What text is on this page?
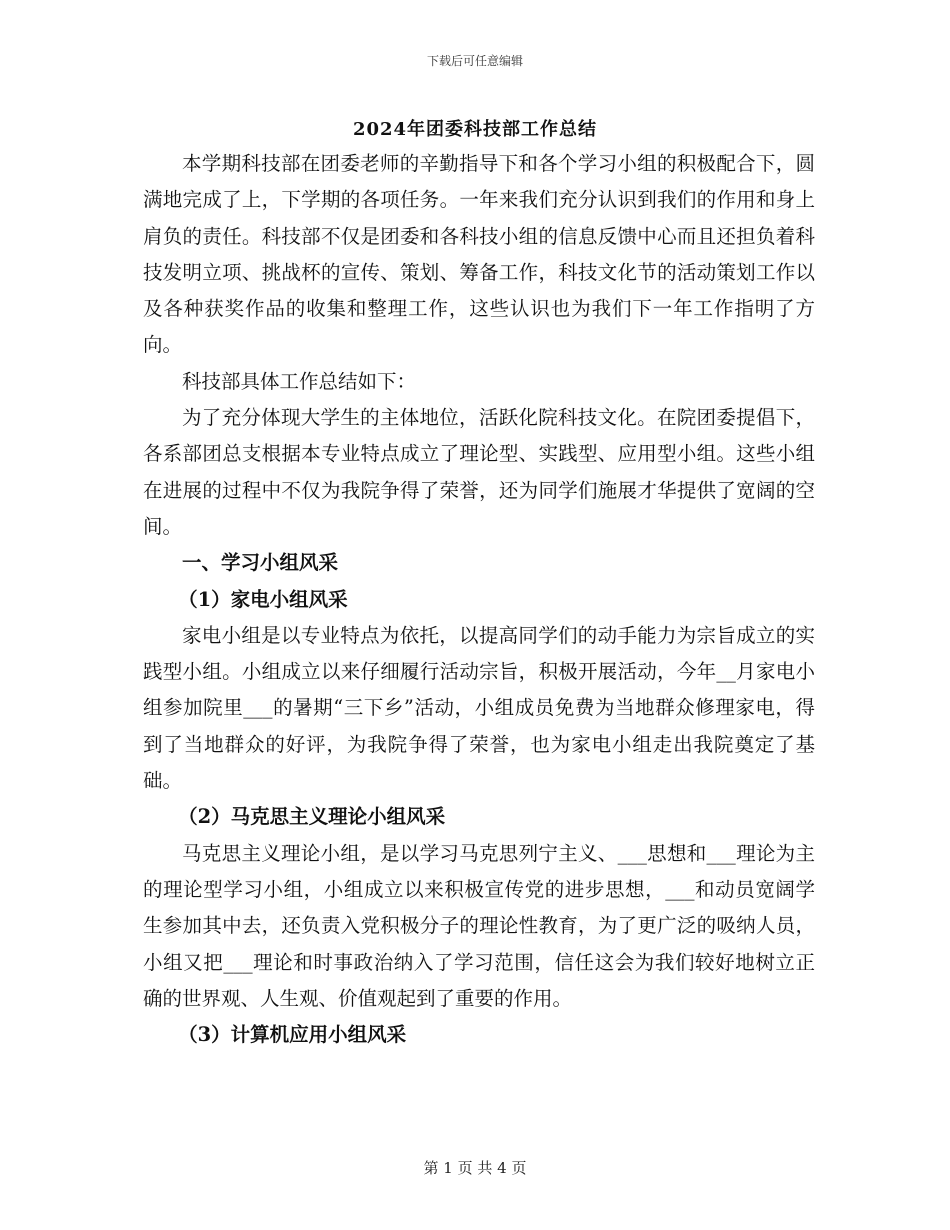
下载后可任意编辑
2024年团委科技部工作总结

本学期科技部在团委老师的辛勤指导下和各个学习小组的积极配合下，圆满地完成了上，下学期的各项任务。一年来我们充分认识到我们的作用和身上肩负的责任。科技部不仅是团委和各科技小组的信息反馈中心而且还担负着科技发明立项、挑战杯的宣传、策划、筹备工作，科技文化节的活动策划工作以及各种获奖作品的收集和整理工作，这些认识也为我们下一年工作指明了方向。

科技部具体工作总结如下：

为了充分体现大学生的主体地位，活跃化院科技文化。在院团委提倡下，各系部团总支根据本专业特点成立了理论型、实践型、应用型小组。这些小组在进展的过程中不仅为我院争得了荣誉，还为同学们施展才华提供了宽阔的空间。

一、学习小组风采

（1）家电小组风采

家电小组是以专业特点为依托，以提高同学们的动手能力为宗旨成立的实践型小组。小组成立以来仔细履行活动宗旨，积极开展活动，今年__月家电小组参加院里___的暑期“三下乡”活动，小组成员免费为当地群众修理家电，得到了当地群众的好评，为我院争得了荣誉，也为家电小组走出我院奠定了基础。

（2）马克思主义理论小组风采

马克思主义理论小组，是以学习马克思列宁主义、___思想和___理论为主的理论型学习小组，小组成立以来积极宣传党的进步思想，___和动员宽阔学生参加其中去，还负责入党积极分子的理论性教育，为了更广泛的吸纳人员，小组又把___理论和时事政治纳入了学习范围，信任这会为我们较好地树立正确的世界观、人生观、价值观起到了重要的作用。

（3）计算机应用小组风采

第 1 页 共 4 页
